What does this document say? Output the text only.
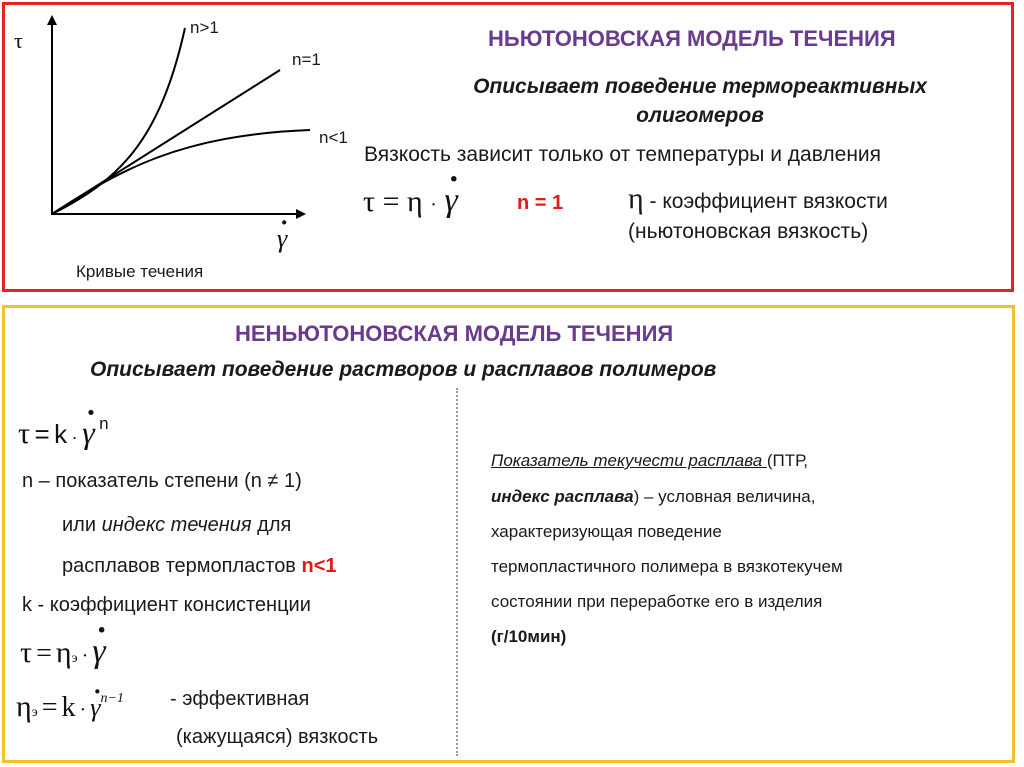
τ
· γ
n>1
n=1
n<1
Кривые течения
НЬЮТОНОВСКАЯ МОДЕЛЬ ТЕЧЕНИЯ
Описывает поведение термореактивных
олигомеров
Вязкость зависит только от температуры и давления
τ = η · · γ	n = 1 η - коэффициент вязкости
(ньютоновская вязкость)
НЕНЬЮТОНОВСКАЯ МОДЕЛЬ ТЕЧЕНИЯ
Описывает поведение растворов и расплавов полимеров
τ = k · · γ n
n – показатель степени (n ≠ 1)
или индекс течения для
расплавов термопластов n<1
k - коэффициент консистенции
τ = ηэ · · γ
ηэ = k · · γn−1 - эффективная
(кажущаяся) вязкость
Показатель текучести расплава (ПТР,
индекс расплава) – условная величина,
характеризующая поведение
термопластичного полимера в вязкотекучем
состоянии при переработке его в изделия
(г/10мин)
